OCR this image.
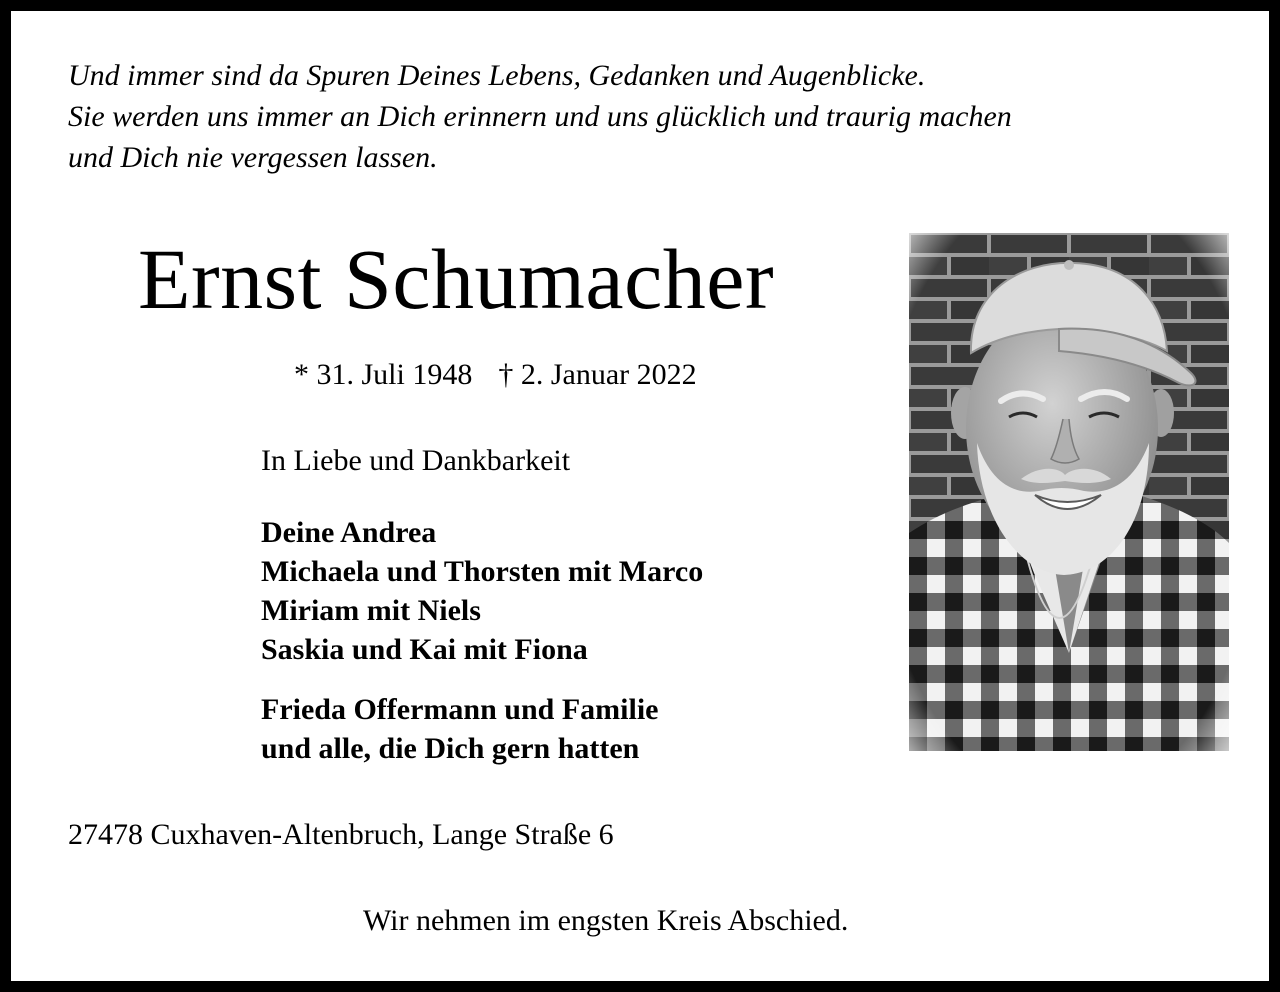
Und immer sind da Spuren Deines Lebens, Gedanken und Augenblicke.
Sie werden uns immer an Dich erinnern und uns glücklich und traurig machen
und Dich nie vergessen lassen.

Ernst Schumacher
* 31. Juli 1948 † 2. Januar 2022
In Liebe und Dankbarkeit

Deine Andrea
Michaela und Thorsten mit Marco
Miriam mit Niels
Saskia und Kai mit Fiona

Frieda Offermann und Familie
und alle, die Dich gern hatten

27478 Cuxhaven-Altenbruch, Lange Straße 6
Wir nehmen im engsten Kreis Abschied.
